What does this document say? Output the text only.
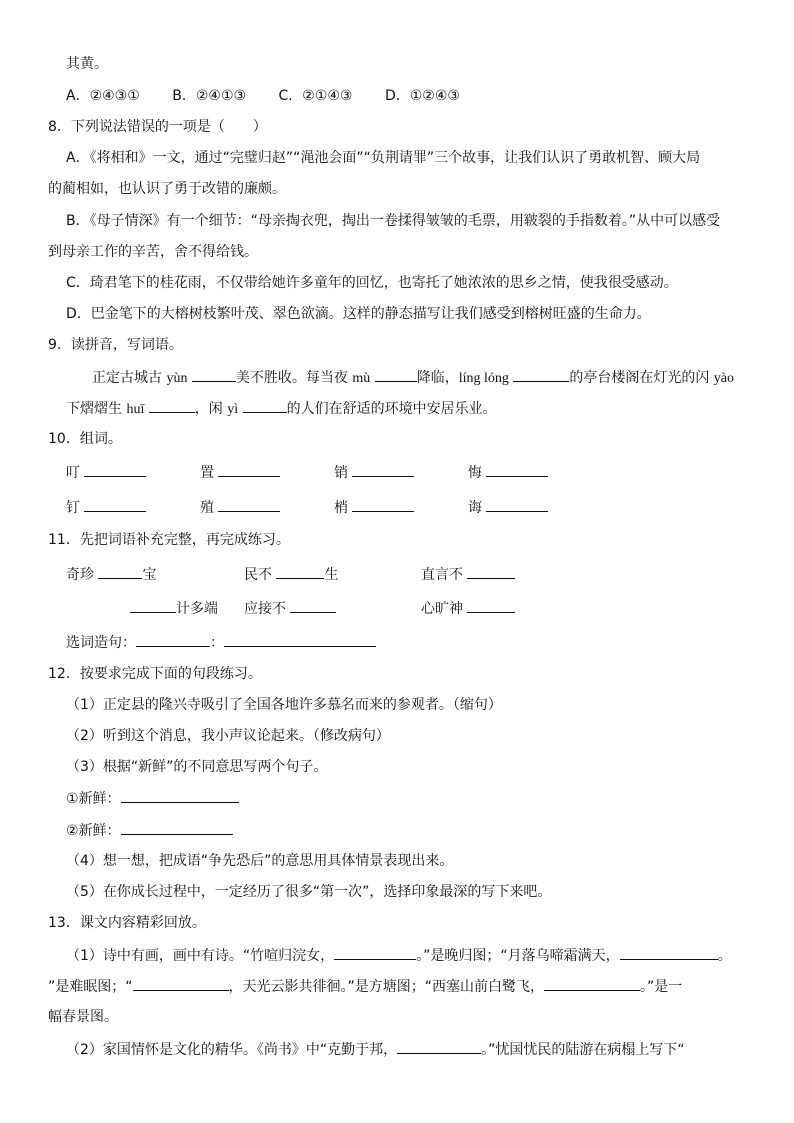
其黄。
A．②④③① B．②④①③ C．②①④③ D．①②④③
8．下列说法错误的一项是（　　）
A．《将相和》一文，通过“完璧归赵”“渑池会面”“负荆请罪”三个故事，让我们认识了勇敢机智、顾大局
的蔺相如，也认识了勇于改错的廉颇。
B．《母子情深》有一个细节：“母亲掏衣兜，掏出一卷揉得皱皱的毛票，用皲裂的手指数着。”从中可以感受
到母亲工作的辛苦，舍不得给钱。
C．琦君笔下的桂花雨，不仅带给她许多童年的回忆，也寄托了她浓浓的思乡之情，使我很受感动。
D．巴金笔下的大榕树枝繁叶茂、翠色欲滴。这样的静态描写让我们感受到榕树旺盛的生命力。
9．读拼音，写词语。
正定古城古 yùn	美不胜收。每当夜 mù	降临，líng lóng	的亭台楼阁在灯光的闪 yào
下熠熠生 huī	，闲 yì	的人们在舒适的环境中安居乐业。
10．组词。
叮	置	销	悔
钉	殖	梢	诲
11．先把词语补充完整，再完成练习。
奇珍	宝	民不	生	直言不
计多端 应接不	心旷神
选词造句：	：
12．按要求完成下面的句段练习。
（1）正定县的隆兴寺吸引了全国各地许多慕名而来的参观者。（缩句）
（2）听到这个消息，我小声议论起来。（修改病句）
（3）根据“新鲜”的不同意思写两个句子。
①新鲜：
②新鲜：
（4）想一想，把成语“争先恐后”的意思用具体情景表现出来。
（5）在你成长过程中，一定经历了很多“第一次”，选择印象最深的写下来吧。
13．课文内容精彩回放。
（1）诗中有画，画中有诗。“竹喧归浣女，	。”是晚归图；“月落乌啼霜满天，	。
”是难眠图；“	，天光云影共徘徊。”是方塘图；“西塞山前白鹭飞，	。”是一
幅春景图。
（2）家国情怀是文化的精华。《尚书》中“克勤于邦，	。”忧国忧民的陆游在病榻上写下“
